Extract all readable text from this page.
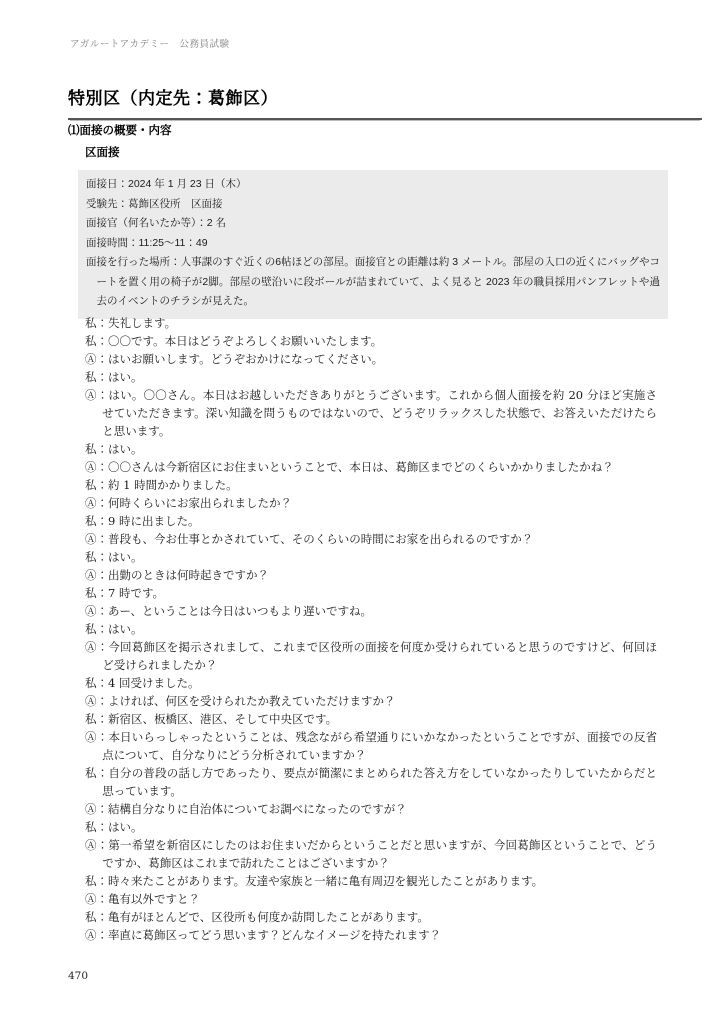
アガルートアカデミー　公務員試験
特別区（内定先：葛飾区）
⑴面接の概要・内容
区面接

面接日：2024 年 1 月 23 日（木）

受験先：葛飾区役所　区面接

面接官（何名いたか等）：2 名

面接時間：11:25～11：49

面接を行った場所：人事課のすぐ近くの6帖ほどの部屋。面接官との距離は約 3 メートル。部屋の入口の近くにバッグやコートを置く用の椅子が2脚。部屋の壁沿いに段ボールが詰まれていて、よく見ると 2023 年の職員採用パンフレットや過去のイベントのチラシが見えた。

私：失礼します。

私：〇〇です。本日はどうぞよろしくお願いいたします。

Ⓐ：はいお願いします。どうぞおかけになってください。

私：はい。

Ⓐ：はい。〇〇さん。本日はお越しいただきありがとうございます。これから個人面接を約 20 分ほど実施させていただきます。深い知識を問うものではないので、どうぞリラックスした状態で、お答えいただけたらと思います。

私：はい。

Ⓐ：〇〇さんは今新宿区にお住まいということで、本日は、葛飾区までどのくらいかかりましたかね？

私：約 1 時間かかりました。

Ⓐ：何時くらいにお家出られましたか？

私：9 時に出ました。

Ⓐ：普段も、今お仕事とかされていて、そのくらいの時間にお家を出られるのですか？

私：はい。

Ⓐ：出勤のときは何時起きですか？

私：7 時です。

Ⓐ：あー、ということは今日はいつもより遅いですね。

私：はい。

Ⓐ：今回葛飾区を掲示されまして、これまで区役所の面接を何度か受けられていると思うのですけど、何回ほど受けられましたか？

私：4 回受けました。

Ⓐ：よければ、何区を受けられたか教えていただけますか？

私：新宿区、板橋区、港区、そして中央区です。

Ⓐ：本日いらっしゃったということは、残念ながら希望通りにいかなかったということですが、面接での反省点について、自分なりにどう分析されていますか？

私：自分の普段の話し方であったり、要点が簡潔にまとめられた答え方をしていなかったりしていたからだと思っています。

Ⓐ：結構自分なりに自治体についてお調べになったのですが？

私：はい。

Ⓐ：第一希望を新宿区にしたのはお住まいだからということだと思いますが、今回葛飾区ということで、どうですか、葛飾区はこれまで訪れたことはございますか？

私：時々来たことがあります。友達や家族と一緒に亀有周辺を観光したことがあります。

Ⓐ：亀有以外ですと？

私：亀有がほとんどで、区役所も何度か訪問したことがあります。

Ⓐ：率直に葛飾区ってどう思います？どんなイメージを持たれます？

470
